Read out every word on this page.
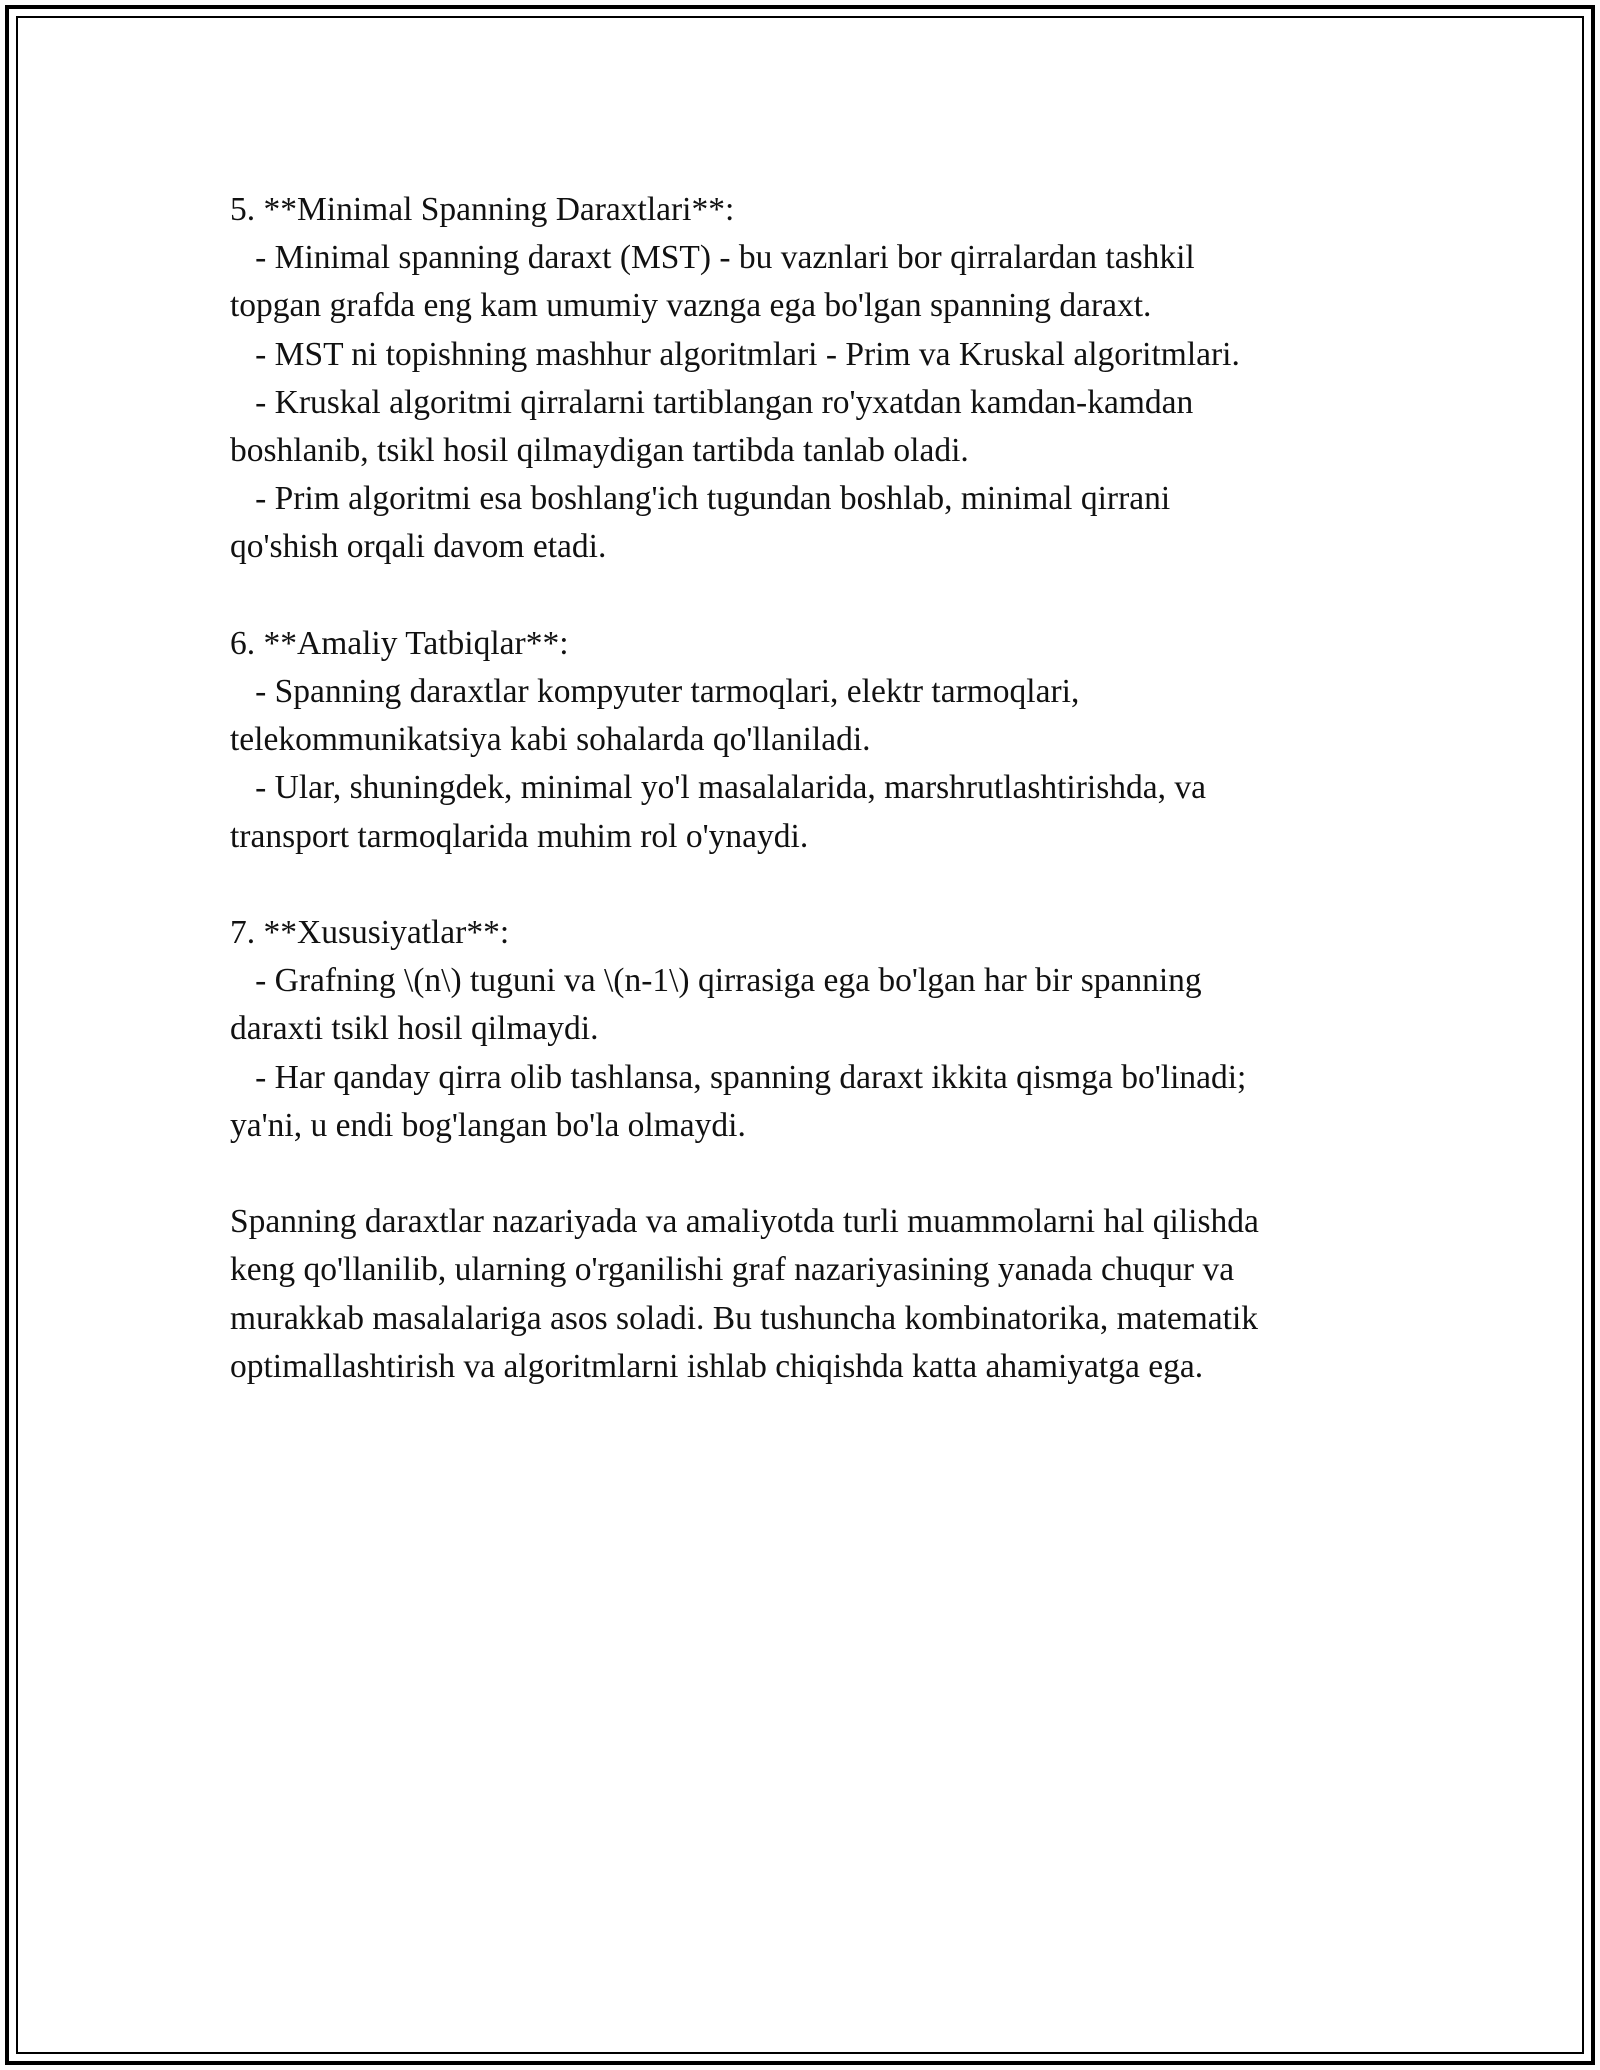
5. **Minimal Spanning Daraxtlari**:
- Minimal spanning daraxt (MST) - bu vaznlari bor qirralardan tashkil
topgan grafda eng kam umumiy vaznga ega bo'lgan spanning daraxt.
- MST ni topishning mashhur algoritmlari - Prim va Kruskal algoritmlari.
- Kruskal algoritmi qirralarni tartiblangan ro'yxatdan kamdan-kamdan
boshlanib, tsikl hosil qilmaydigan tartibda tanlab oladi.
- Prim algoritmi esa boshlang'ich tugundan boshlab, minimal qirrani
qo'shish orqali davom etadi.
6. **Amaliy Tatbiqlar**:
- Spanning daraxtlar kompyuter tarmoqlari, elektr tarmoqlari,
telekommunikatsiya kabi sohalarda qo'llaniladi.
- Ular, shuningdek, minimal yo'l masalalarida, marshrutlashtirishda, va
transport tarmoqlarida muhim rol o'ynaydi.
7. **Xususiyatlar**:
- Grafning \(n\) tuguni va \(n-1\) qirrasiga ega bo'lgan har bir spanning
daraxti tsikl hosil qilmaydi.
- Har qanday qirra olib tashlansa, spanning daraxt ikkita qismga bo'linadi;
ya'ni, u endi bog'langan bo'la olmaydi.
Spanning daraxtlar nazariyada va amaliyotda turli muammolarni hal qilishda
keng qo'llanilib, ularning o'rganilishi graf nazariyasining yanada chuqur va
murakkab masalalariga asos soladi. Bu tushuncha kombinatorika, matematik
optimallashtirish va algoritmlarni ishlab chiqishda katta ahamiyatga ega.
